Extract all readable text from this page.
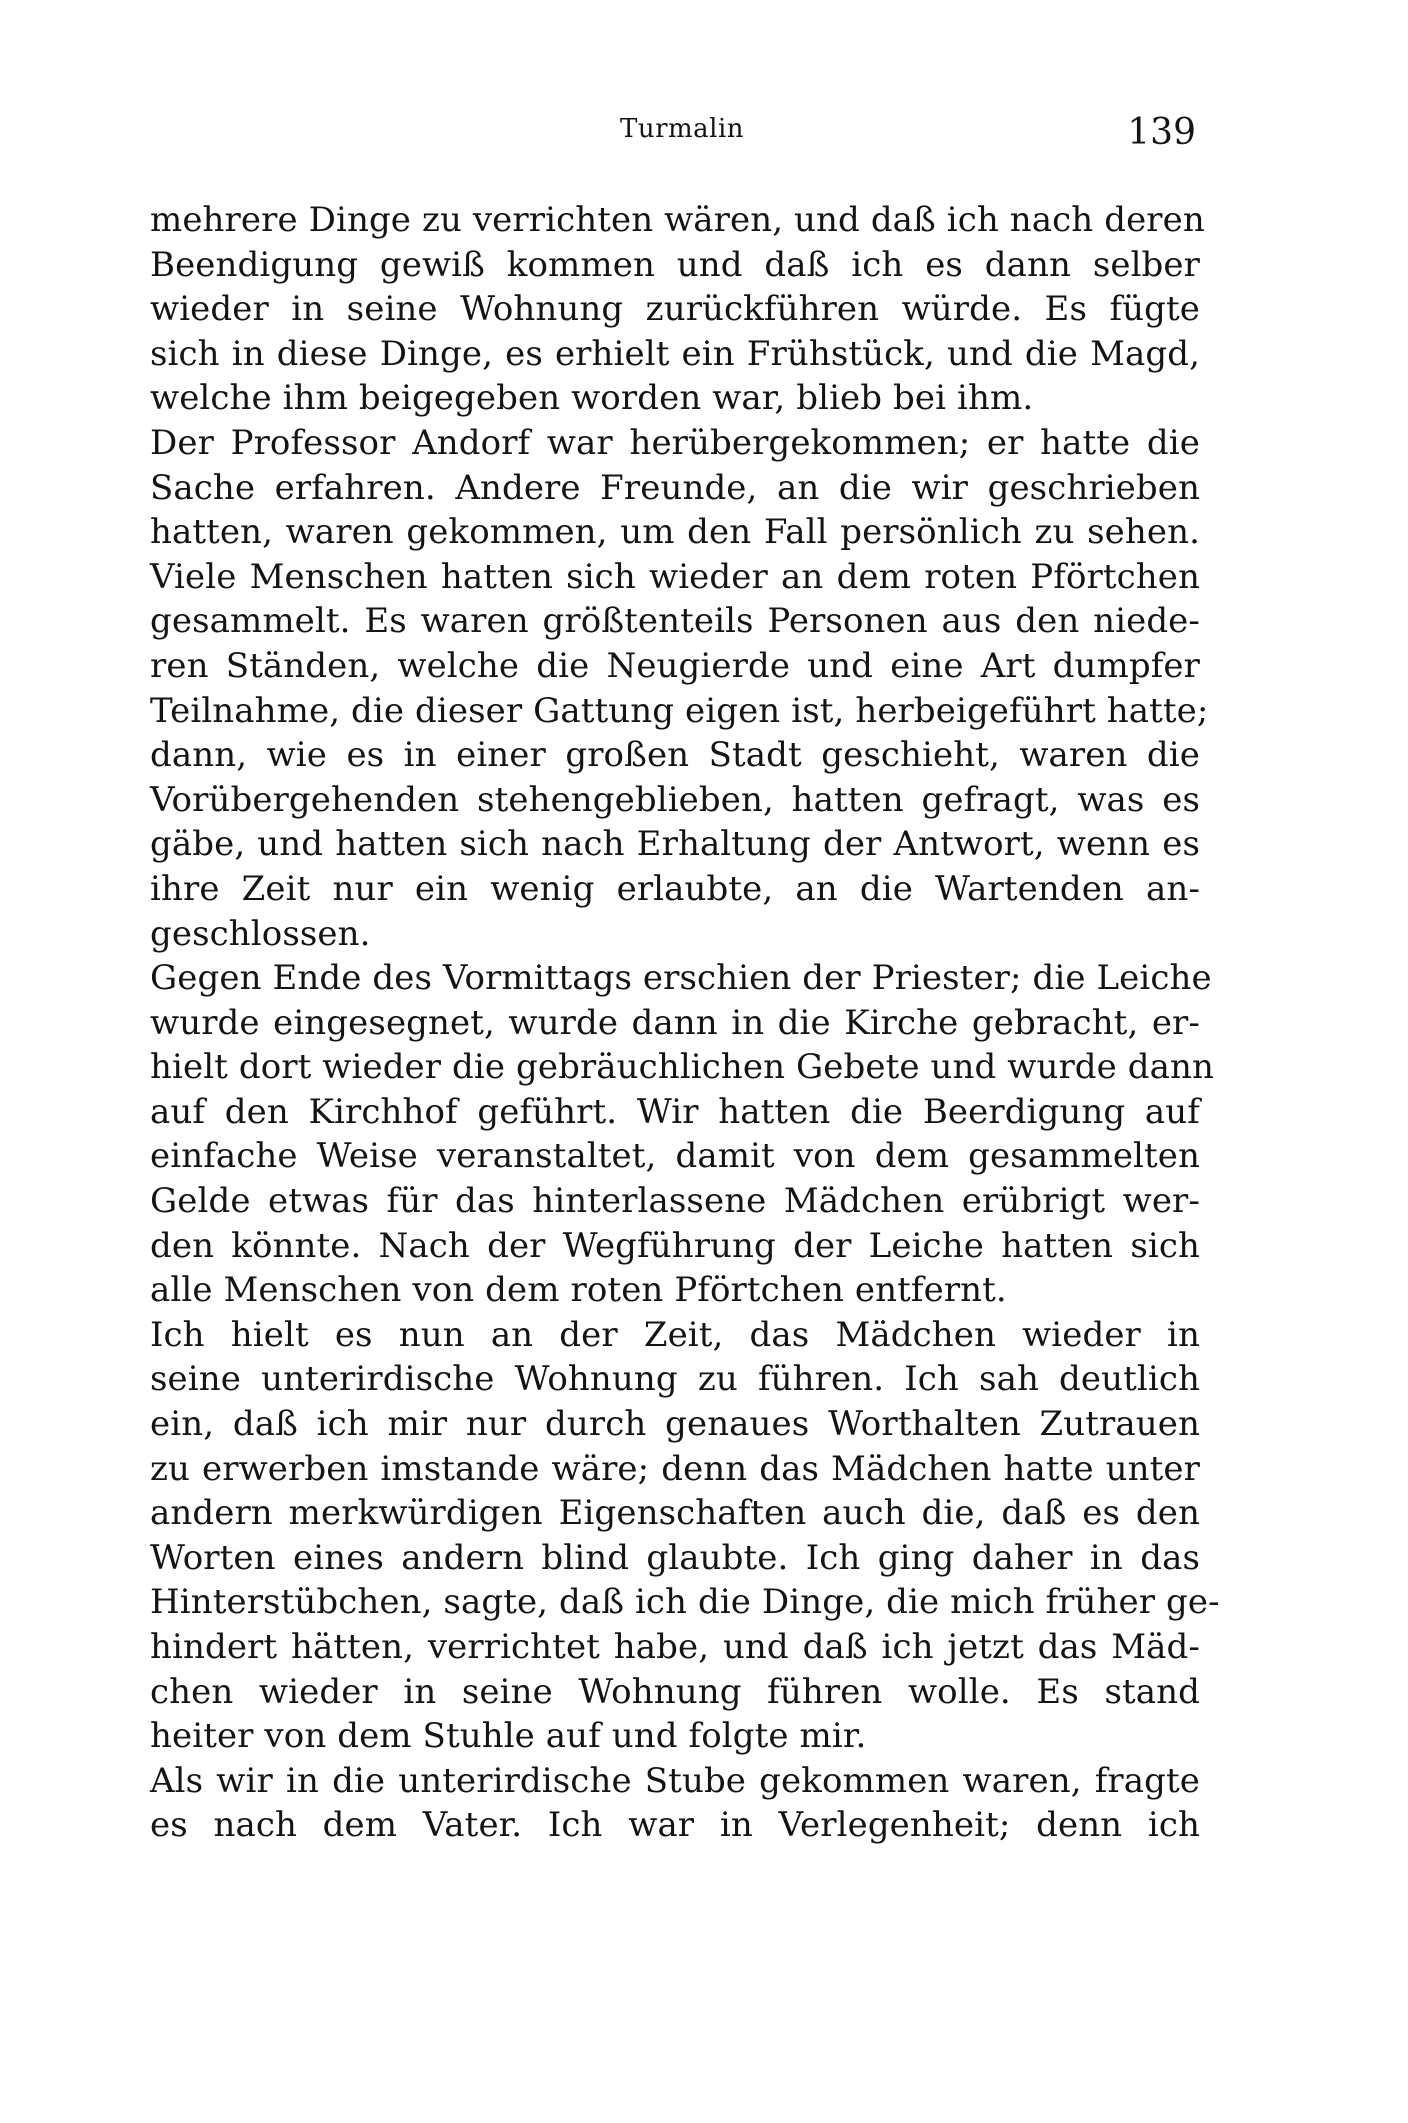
Turmalin	139
mehrere Dinge zu verrichten wären, und daß ich nach deren
Beendigung gewiß kommen und daß ich es dann selber
wieder in seine Wohnung zurückführen würde. Es fügte
sich in diese Dinge, es erhielt ein Frühstück, und die Magd,
welche ihm beigegeben worden war, blieb bei ihm.
Der Professor Andorf war herübergekommen; er hatte die
Sache erfahren. Andere Freunde, an die wir geschrieben
hatten, waren gekommen, um den Fall persönlich zu sehen.
Viele Menschen hatten sich wieder an dem roten Pförtchen
gesammelt. Es waren größtenteils Personen aus den niede-
ren Ständen, welche die Neugierde und eine Art dumpfer
Teilnahme, die dieser Gattung eigen ist, herbeigeführt hatte;
dann, wie es in einer großen Stadt geschieht, waren die
Vorübergehenden stehengeblieben, hatten gefragt, was es
gäbe, und hatten sich nach Erhaltung der Antwort, wenn es
ihre Zeit nur ein wenig erlaubte, an die Wartenden an-
geschlossen.
Gegen Ende des Vormittags erschien der Priester; die Leiche
wurde eingesegnet, wurde dann in die Kirche gebracht, er-
hielt dort wieder die gebräuchlichen Gebete und wurde dann
auf den Kirchhof geführt. Wir hatten die Beerdigung auf
einfache Weise veranstaltet, damit von dem gesammelten
Gelde etwas für das hinterlassene Mädchen erübrigt wer-
den könnte. Nach der Wegführung der Leiche hatten sich
alle Menschen von dem roten Pförtchen entfernt.
Ich hielt es nun an der Zeit, das Mädchen wieder in
seine unterirdische Wohnung zu führen. Ich sah deutlich
ein, daß ich mir nur durch genaues Worthalten Zutrauen
zu erwerben imstande wäre; denn das Mädchen hatte unter
andern merkwürdigen Eigenschaften auch die, daß es den
Worten eines andern blind glaubte. Ich ging daher in das
Hinterstübchen, sagte, daß ich die Dinge, die mich früher ge-
hindert hätten, verrichtet habe, und daß ich jetzt das Mäd-
chen wieder in seine Wohnung führen wolle. Es stand
heiter von dem Stuhle auf und folgte mir.
Als wir in die unterirdische Stube gekommen waren, fragte
es nach dem Vater. Ich war in Verlegenheit; denn ich
